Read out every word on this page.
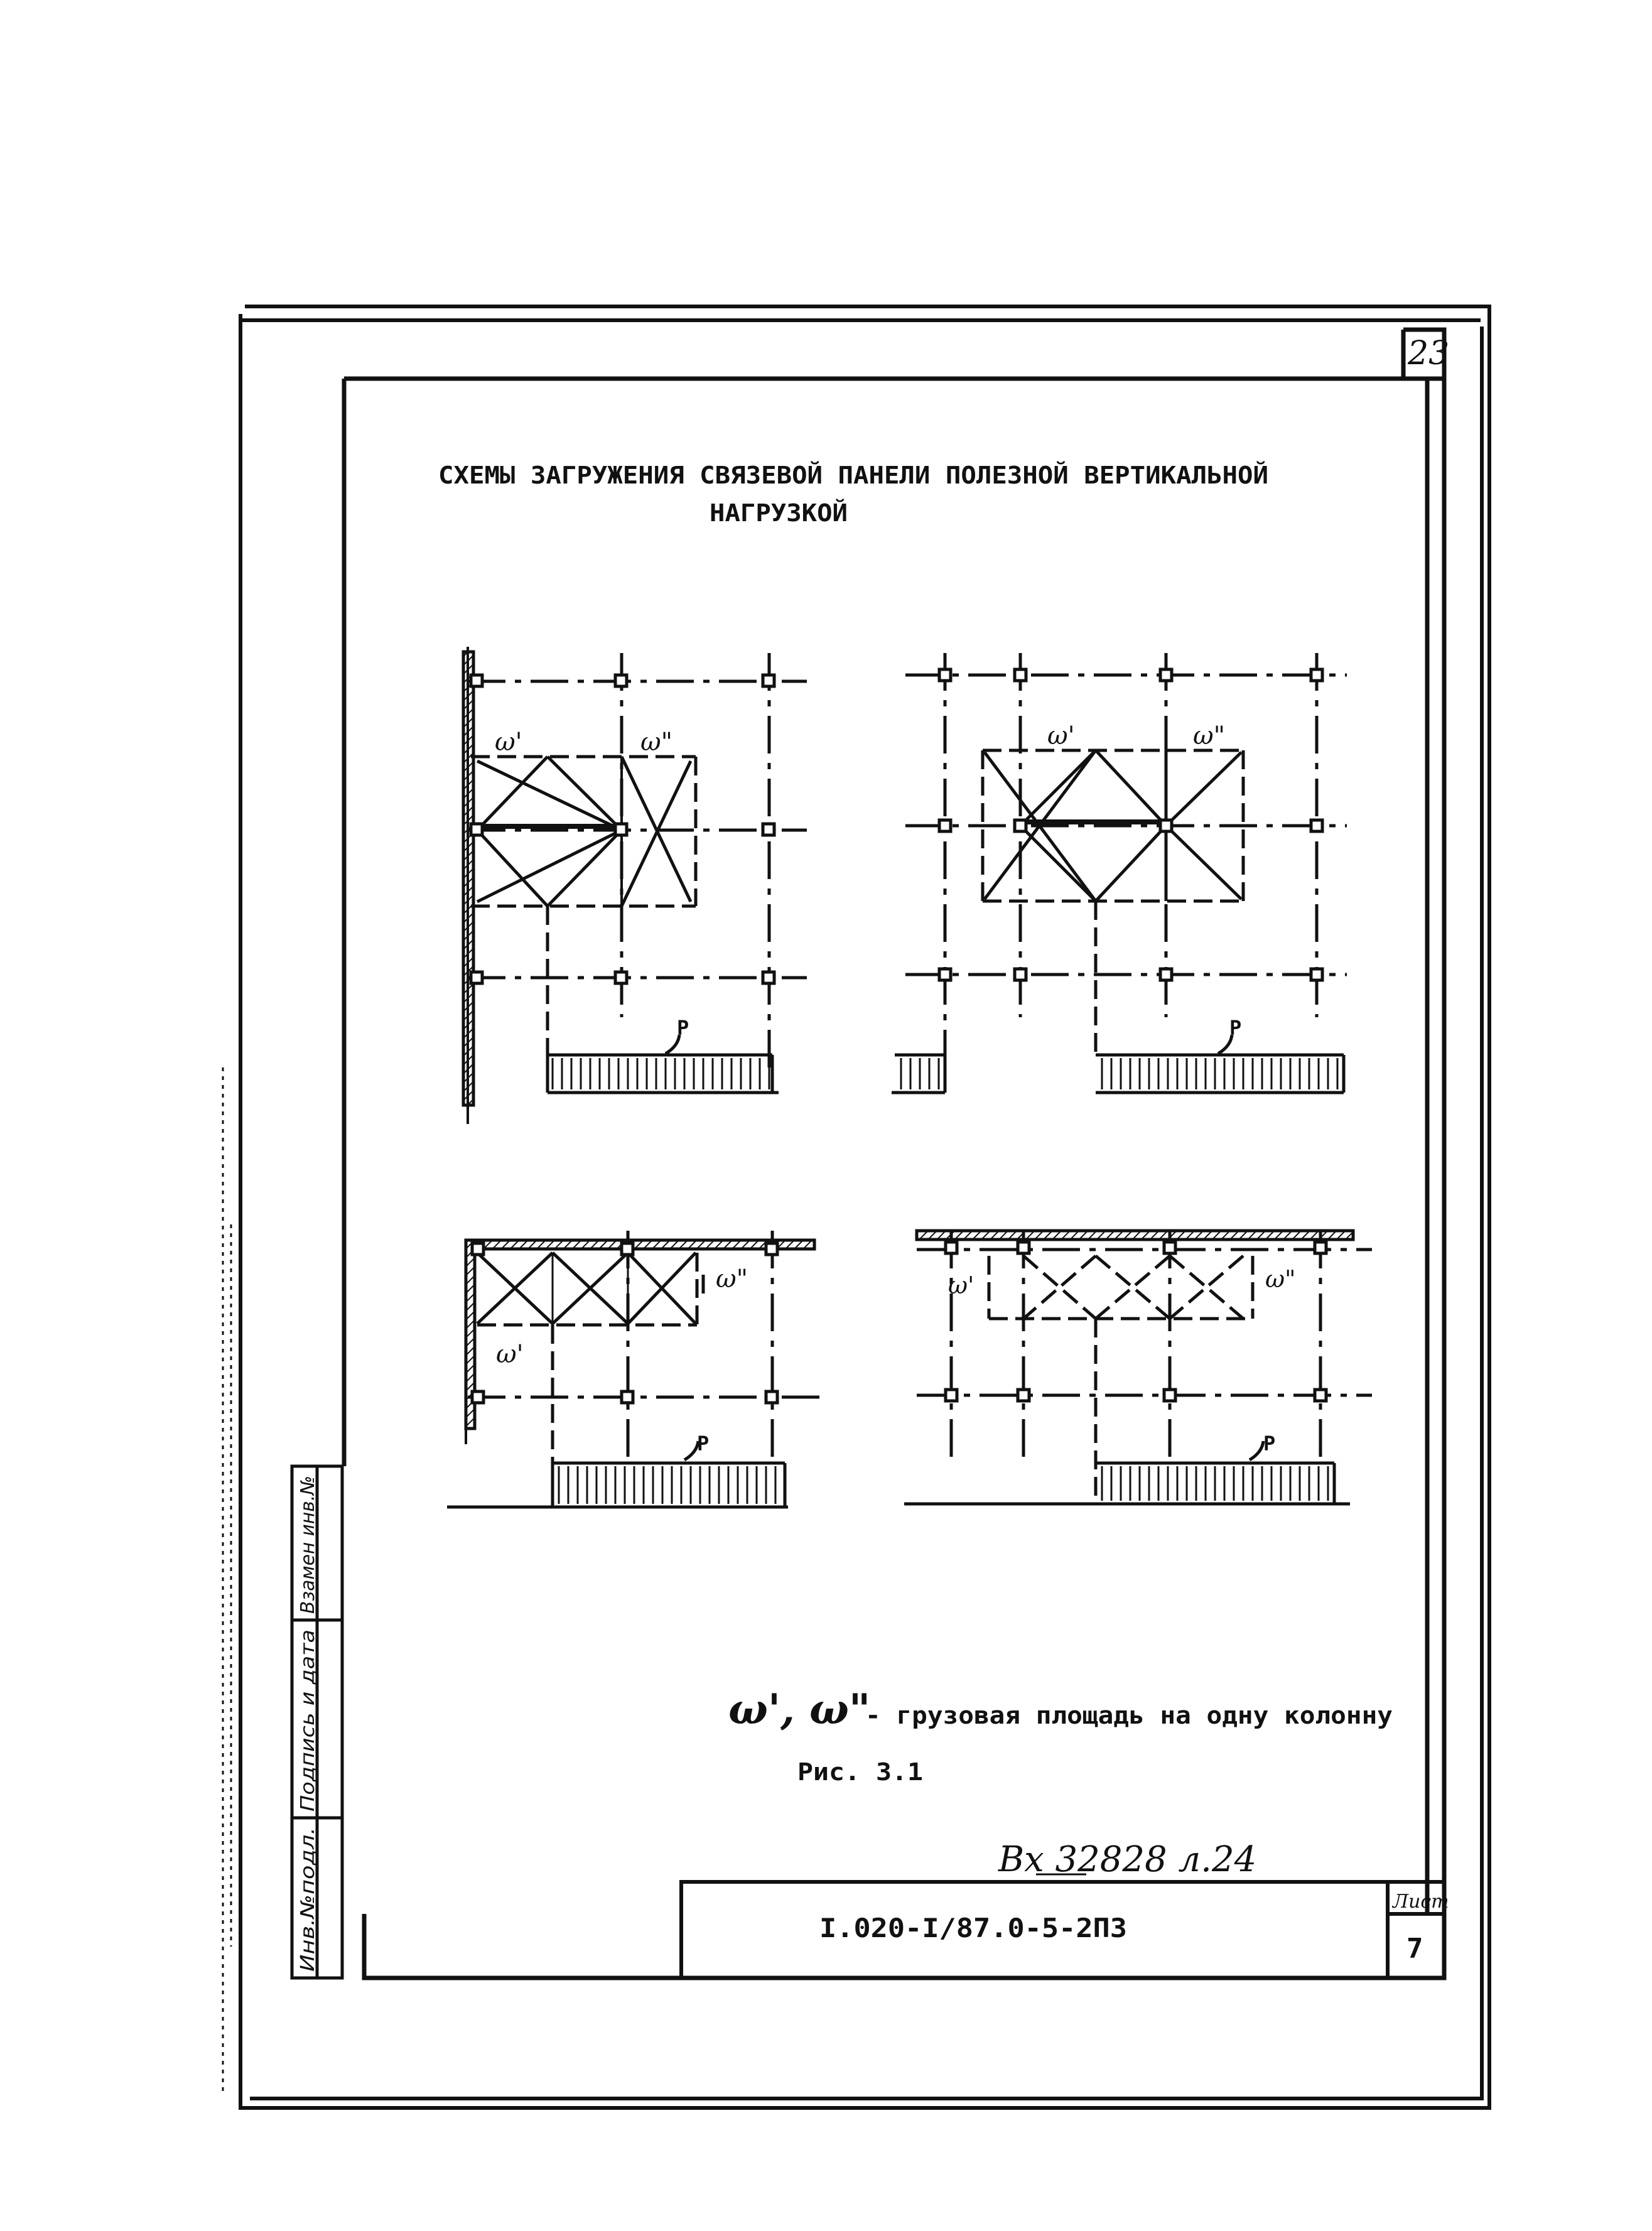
23
СХЕМЫ ЗАГРУЖЕНИЯ СВЯЗЕВОЙ ПАНЕЛИ ПОЛЕЗНОЙ ВЕРТИКАЛЬНОЙ
НАГРУЗКОЙ
ω'	ω"
P
ω'	ω"
P
ω'
ω"
P
ω'	ω"
P
ω', ω"
- грузовая площадь на одну колонну
Рис. 3.1
Вх 32828 л.24
I.020-I/87.0-5-2ПЗ
Лист
7
Взамен инв.№
Подпись и дата
Инв.№подл.
